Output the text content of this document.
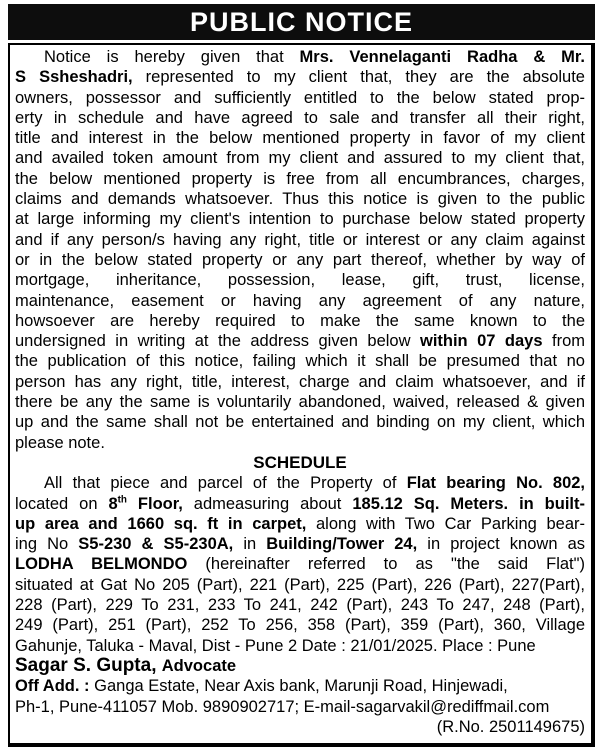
PUBLIC NOTICE
Notice is hereby given that Mrs. Vennelaganti Radha & Mr.
S Ssheshadri, represented to my client that, they are the absolute
owners, possessor and sufficiently entitled to the below stated prop-
erty in schedule and have agreed to sale and transfer all their right,
title and interest in the below mentioned property in favor of my client
and availed token amount from my client and assured to my client that,
the below mentioned property is free from all encumbrances, charges,
claims and demands whatsoever. Thus this notice is given to the public
at large informing my client's intention to purchase below stated property
and if any person/s having any right, title or interest or any claim against
or in the below stated property or any part thereof, whether by way of
mortgage, inheritance, possession, lease, gift, trust, license,
maintenance, easement or having any agreement of any nature,
howsoever are hereby required to make the same known to the
undersigned in writing at the address given below within 07 days from
the publication of this notice, failing which it shall be presumed that no
person has any right, title, interest, charge and claim whatsoever, and if
there be any the same is voluntarily abandoned, waived, released & given
up and the same shall not be entertained and binding on my client, which
please note.
SCHEDULE
All that piece and parcel of the Property of Flat bearing No. 802,
located on 8th Floor, admeasuring about 185.12 Sq. Meters. in built-
up area and 1660 sq. ft in carpet, along with Two Car Parking bear-
ing No S5-230 & S5-230A, in Building/Tower 24, in project known as
LODHA BELMONDO (hereinafter referred to as "the said Flat")
situated at Gat No 205 (Part), 221 (Part), 225 (Part), 226 (Part), 227(Part),
228 (Part), 229 To 231, 233 To 241, 242 (Part), 243 To 247, 248 (Part),
249 (Part), 251 (Part), 252 To 256, 358 (Part), 359 (Part), 360, Village
Gahunje, Taluka - Maval, Dist - Pune 2 Date : 21/01/2025. Place : Pune
Sagar S. Gupta, Advocate
Off Add. : Ganga Estate, Near Axis bank, Marunji Road, Hinjewadi,
Ph-1, Pune-411057 Mob. 9890902717; E-mail-sagarvakil@rediffmail.com
(R.No. 2501149675)
